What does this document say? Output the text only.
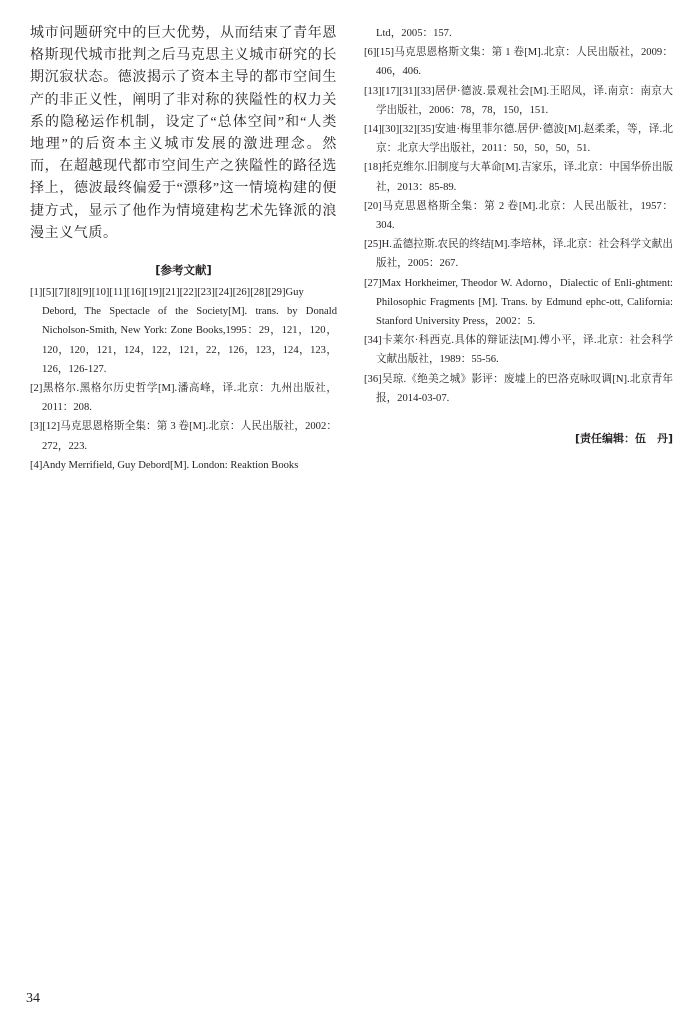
城市问题研究中的巨大优势，从而结束了青年恩格斯现代城市批判之后马克思主义城市研究的长期沉寂状态。德波揭示了资本主导的都市空间生产的非正义性，阐明了非对称的狭隘性的权力关系的隐秘运作机制，设定了“总体空间”和“人类地理”的后资本主义城市发展的激进理念。然而，在超越现代都市空间生产之狭隘性的路径选择上，德波最终偏爱于“漂移”这一情境构建的便捷方式，显示了他作为情境建构艺术先锋派的浪漫主义气质。

[参考文献]
[1][5][7][8][9][10][11][16][19][21][22][23][24][26][28][29]Guy Debord, The Spectacle of the Society[M]. trans. by Donald Nicholson-Smith, New York: Zone Books,1995：29，121，120，120，120，121，124，122，121，22，126，123，124，123，126，126-127.
[2]黑格尔.黑格尔历史哲学[M].潘高峰，译.北京：九州出版社，2011：208.
[3][12]马克思恩格斯全集：第 3 卷[M].北京：人民出版社，2002：272，223.
[4]Andy Merrifield, Guy Debord[M]. London: Reaktion Books
Ltd，2005：157.
[6][15]马克思恩格斯文集：第 1 卷[M].北京：人民出版社，2009：406，406.
[13][17][31][33]居伊·德波.景观社会[M].王昭凤，译.南京：南京大学出版社，2006：78，78，150，151.
[14][30][32][35]安迪·梅里菲尔德.居伊·德波[M].赵柔柔，等，译.北京：北京大学出版社，2011：50，50，50，51.
[18]托克维尔.旧制度与大革命[M].吉家乐，译.北京：中国华侨出版社，2013：85-89.
[20]马克思恩格斯全集：第 2 卷[M].北京：人民出版社，1957：304.
[25]H.孟德拉斯.农民的终结[M].李培林，译.北京：社会科学文献出版社，2005：267.
[27]Max Horkheimer, Theodor W. Adorno，Dialectic of Enli-ghtment: Philosophic Fragments [M]. Trans. by Edmund ephc-ott, California: Stanford University Press，2002：5.
[34]卡莱尔·科西克.具体的辩证法[M].傅小平，译.北京：社会科学文献出版社，1989：55-56.
[36]吴琼.《绝美之城》影评：废墟上的巴洛克咏叹调[N].北京青年报，2014-03-07.
[责任编辑：伍　丹]
34
